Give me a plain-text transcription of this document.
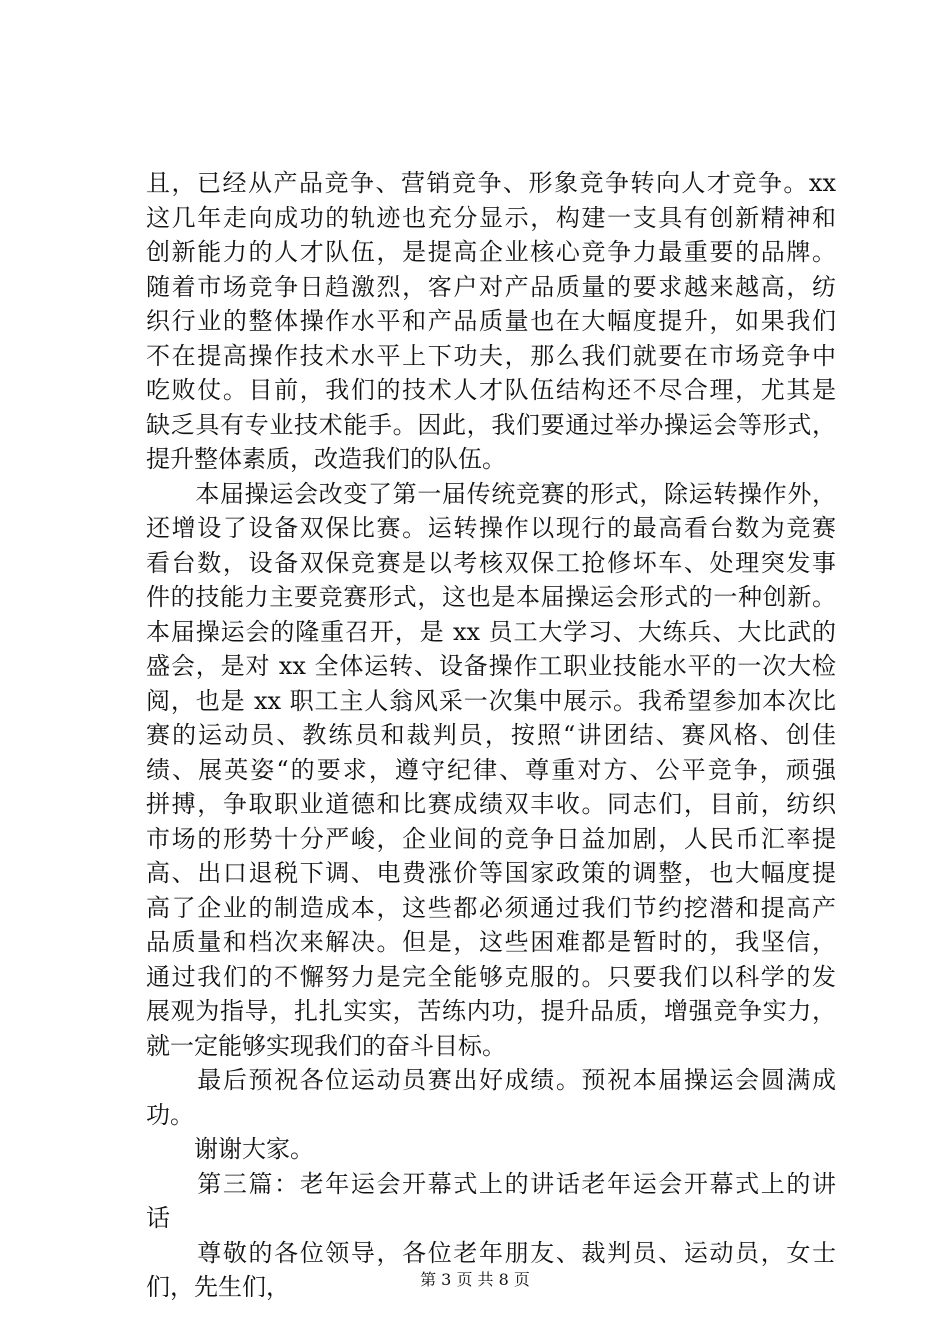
且，已经从产品竞争、营销竞争、形象竞争转向人才竞争。xx
这几年走向成功的轨迹也充分显示，构建一支具有创新精神和
创新能力的人才队伍，是提高企业核心竞争力最重要的品牌。
随着市场竞争日趋激烈，客户对产品质量的要求越来越高，纺
织行业的整体操作水平和产品质量也在大幅度提升，如果我们
不在提高操作技术水平上下功夫，那么我们就要在市场竞争中
吃败仗。目前，我们的技术人才队伍结构还不尽合理，尤其是
缺乏具有专业技术能手。因此，我们要通过举办操运会等形式，
提升整体素质，改造我们的队伍。
　　本届操运会改变了第一届传统竞赛的形式，除运转操作外，
还增设了设备双保比赛。运转操作以现行的最高看台数为竞赛
看台数，设备双保竞赛是以考核双保工抢修坏车、处理突发事
件的技能力主要竞赛形式，这也是本届操运会形式的一种创新。
本届操运会的隆重召开，是 xx 员工大学习、大练兵、大比武的
盛会，是对 xx 全体运转、设备操作工职业技能水平的一次大检
阅，也是 xx 职工主人翁风采一次集中展示。我希望参加本次比
赛的运动员、教练员和裁判员，按照“讲团结、赛风格、创佳
绩、展英姿“的要求，遵守纪律、尊重对方、公平竞争，顽强
拼搏，争取职业道德和比赛成绩双丰收。同志们，目前，纺织
市场的形势十分严峻，企业间的竞争日益加剧，人民币汇率提
高、出口退税下调、电费涨价等国家政策的调整，也大幅度提
高了企业的制造成本，这些都必须通过我们节约挖潜和提高产
品质量和档次来解决。但是，这些困难都是暂时的，我坚信，
通过我们的不懈努力是完全能够克服的。只要我们以科学的发
展观为指导，扎扎实实，苦练内功，提升品质，增强竞争实力，
就一定能够实现我们的奋斗目标。
　　最后预祝各位运动员赛出好成绩。预祝本届操运会圆满成
功。
　　谢谢大家。
　　第三篇：老年运会开幕式上的讲话老年运会开幕式上的讲
话
　　尊敬的各位领导，各位老年朋友、裁判员、运动员，女士
们，先生们，	第 3 页 共 8 页
